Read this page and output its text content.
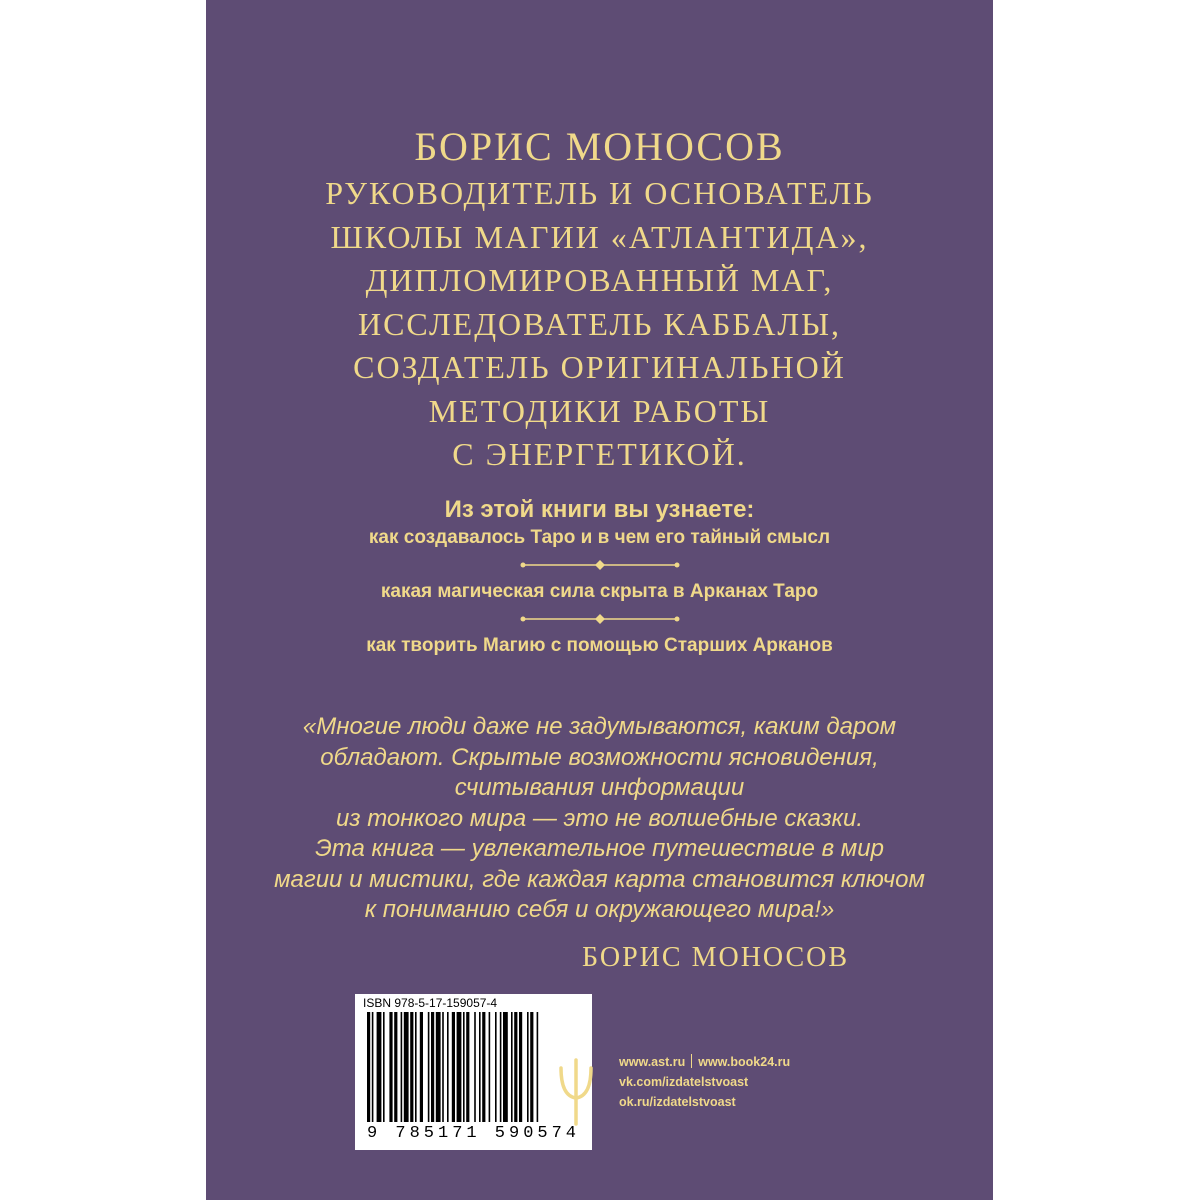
БОРИС МОНОСОВ
РУКОВОДИТЕЛЬ И ОСНОВАТЕЛЬ
ШКОЛЫ МАГИИ «АТЛАНТИДА»,
ДИПЛОМИРОВАННЫЙ МАГ,
ИССЛЕДОВАТЕЛЬ КАББАЛЫ,
СОЗДАТЕЛЬ ОРИГИНАЛЬНОЙ
МЕТОДИКИ РАБОТЫ
С ЭНЕРГЕТИКОЙ.
Из этой книги вы узнаете:
как создавалось Таро и в чем его тайный смысл
какая магическая сила скрыта в Арканах Таро
как творить Магию с помощью Старших Арканов
«Многие люди даже не задумываются, каким даром
обладают. Скрытые возможности ясновидения,
считывания информации
из тонкого мира — это не волшебные сказки.
Эта книга — увлекательное путешествие в мир
магии и мистики, где каждая карта становится ключом
к пониманию себя и окружающего мира!»
БОРИС МОНОСОВ
ISBN 978-5-17-159057-4
9 785171 590574
www.ast.ru www.book24.ru
vk.com/izdatelstvoast
ok.ru/izdatelstvoast
